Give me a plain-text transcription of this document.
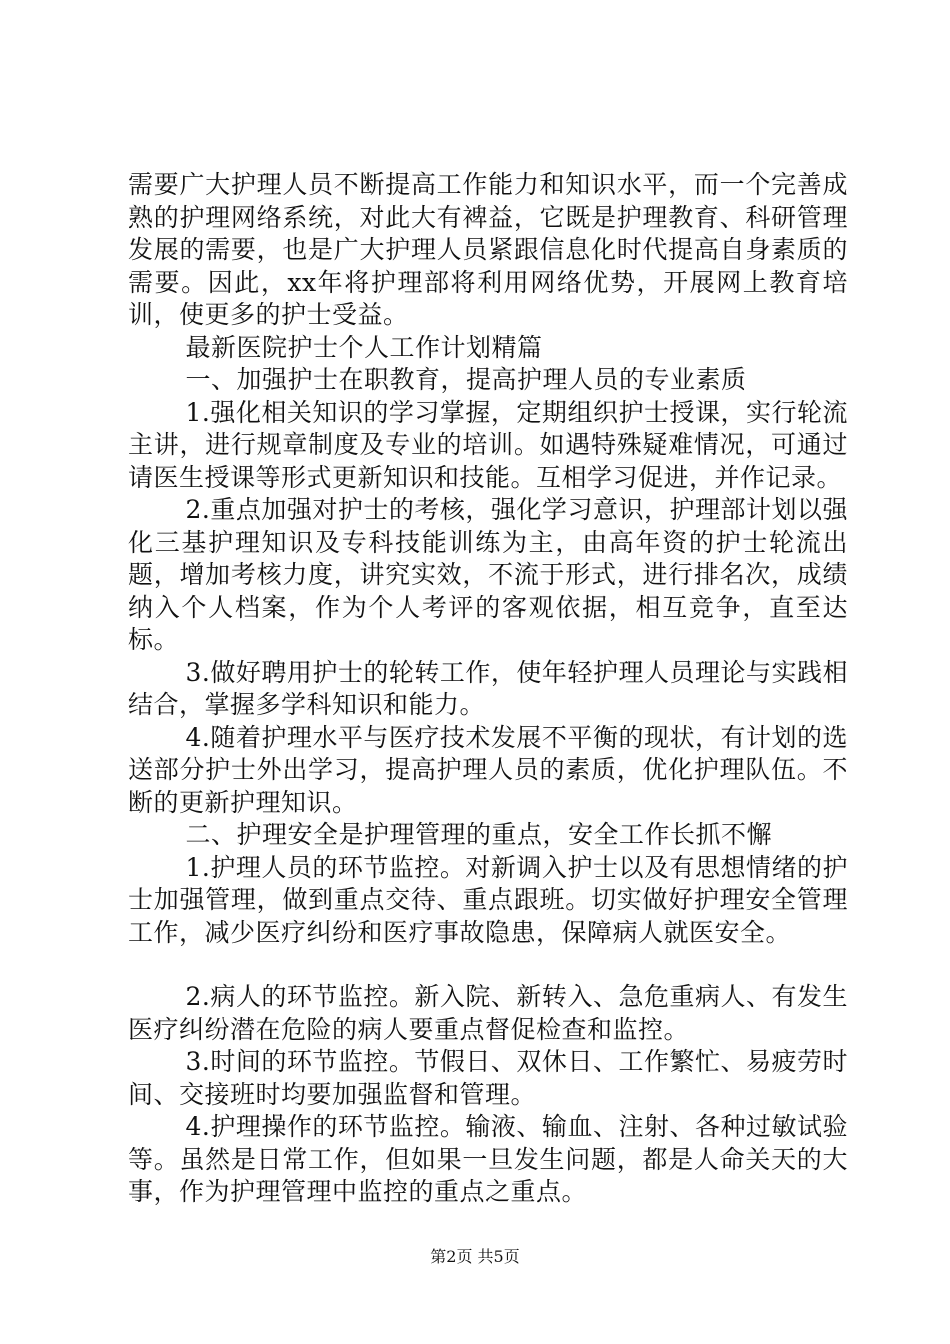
需要广大护理人员不断提高工作能力和知识水平，而一个完善成熟的护理网络系统，对此大有裨益，它既是护理教育、科研管理发展的需要，也是广大护理人员紧跟信息化时代提高自身素质的需要。因此，xx年将护理部将利用网络优势，开展网上教育培训，使更多的护士受益。

最新医院护士个人工作计划精篇

一、加强护士在职教育，提高护理人员的专业素质

1.强化相关知识的学习掌握，定期组织护士授课，实行轮流主讲，进行规章制度及专业的培训。如遇特殊疑难情况，可通过请医生授课等形式更新知识和技能。互相学习促进，并作记录。

2.重点加强对护士的考核，强化学习意识，护理部计划以强化三基护理知识及专科技能训练为主，由高年资的护士轮流出题，增加考核力度，讲究实效，不流于形式，进行排名次，成绩纳入个人档案，作为个人考评的客观依据，相互竞争，直至达标。

3.做好聘用护士的轮转工作，使年轻护理人员理论与实践相结合，掌握多学科知识和能力。

4.随着护理水平与医疗技术发展不平衡的现状，有计划的选送部分护士外出学习，提高护理人员的素质，优化护理队伍。不断的更新护理知识。

二、护理安全是护理管理的重点，安全工作长抓不懈

1.护理人员的环节监控。对新调入护士以及有思想情绪的护士加强管理，做到重点交待、重点跟班。切实做好护理安全管理工作，减少医疗纠纷和医疗事故隐患，保障病人就医安全。

2.病人的环节监控。新入院、新转入、急危重病人、有发生医疗纠纷潜在危险的病人要重点督促检查和监控。

3.时间的环节监控。节假日、双休日、工作繁忙、易疲劳时间、交接班时均要加强监督和管理。

4.护理操作的环节监控。输液、输血、注射、各种过敏试验等。虽然是日常工作，但如果一旦发生问题，都是人命关天的大事，作为护理管理中监控的重点之重点。

第2页 共5页
